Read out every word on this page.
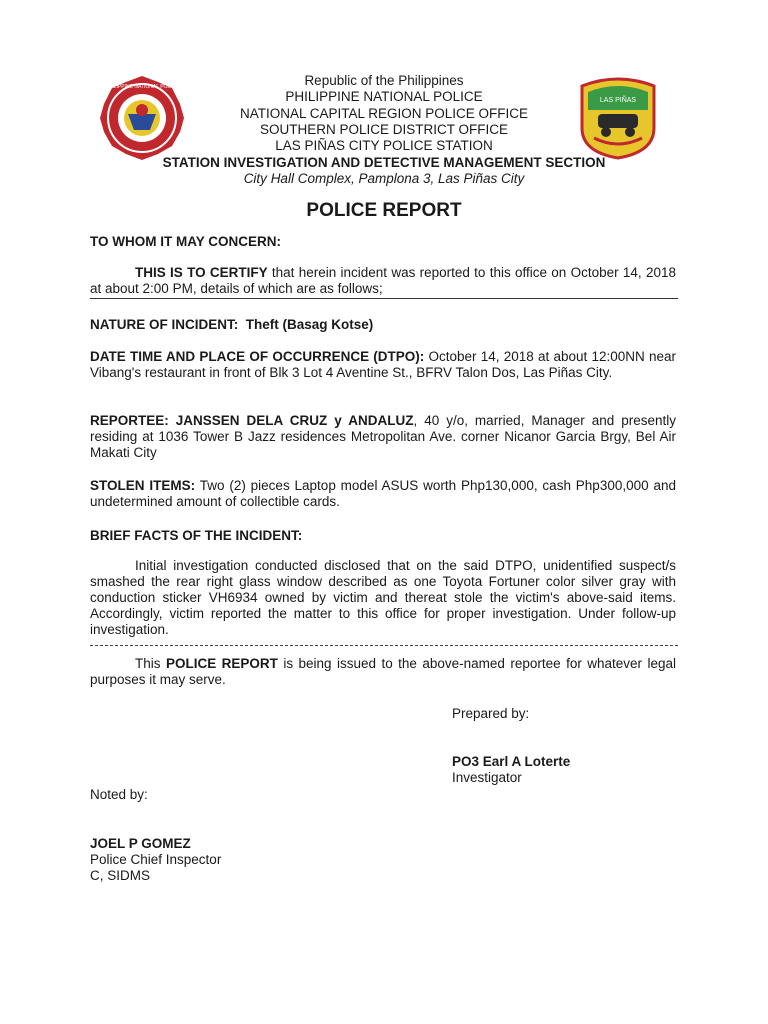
PHILIPPINE NATIONAL POLICE
LAS PIÑAS
Republic of the Philippines
PHILIPPINE NATIONAL POLICE
NATIONAL CAPITAL REGION POLICE OFFICE
SOUTHERN POLICE DISTRICT OFFICE
LAS PIÑAS CITY POLICE STATION
STATION INVESTIGATION AND DETECTIVE MANAGEMENT SECTION
City Hall Complex, Pamplona 3, Las Piñas City
POLICE REPORT
TO WHOM IT MAY CONCERN:
THIS IS TO CERTIFY that herein incident was reported to this office on October 14, 2018 at about 2:00 PM, details of which are as follows;
NATURE OF INCIDENT: Theft (Basag Kotse)
DATE TIME AND PLACE OF OCCURRENCE (DTPO): October 14, 2018 at about 12:00NN near Vibang's restaurant in front of Blk 3 Lot 4 Aventine St., BFRV Talon Dos, Las Piñas City.
REPORTEE: JANSSEN DELA CRUZ y ANDALUZ, 40 y/o, married, Manager and presently residing at 1036 Tower B Jazz residences Metropolitan Ave. corner Nicanor Garcia Brgy, Bel Air Makati City
STOLEN ITEMS: Two (2) pieces Laptop model ASUS worth Php130,000, cash Php300,000 and undetermined amount of collectible cards.
BRIEF FACTS OF THE INCIDENT:
Initial investigation conducted disclosed that on the said DTPO, unidentified suspect/s smashed the rear right glass window described as one Toyota Fortuner color silver gray with conduction sticker VH6934 owned by victim and thereat stole the victim's above-said items. Accordingly, victim reported the matter to this office for proper investigation. Under follow-up investigation.
This POLICE REPORT is being issued to the above-named reportee for whatever legal purposes it may serve.
Prepared by:
PO3 Earl A Loterte
Investigator
Noted by:
JOEL P GOMEZ
Police Chief Inspector
C, SIDMS
